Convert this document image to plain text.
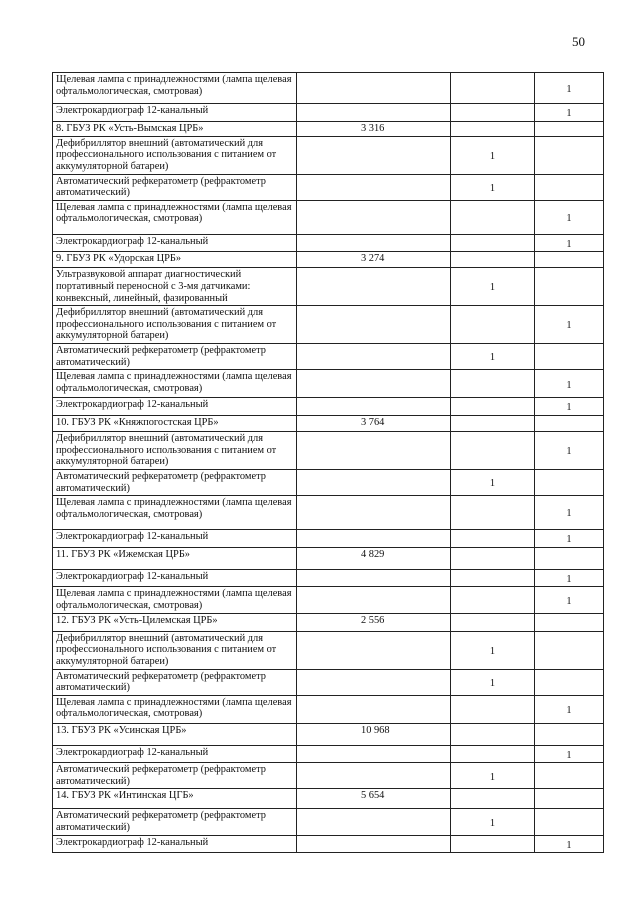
50
Щелевая лампа с принадлежностями (лампа щелевая офтальмологическая, смотровая)			1
Электрокардиограф 12-канальный			1
8. ГБУЗ РК «Усть-Вымская ЦРБ»	3 316		
Дефибриллятор внешний (автоматический для профессионального использования с питанием от аккумуляторной батареи)		1	
Автоматический рефкератометр (рефрактометр автоматический)		1	
Щелевая лампа с принадлежностями (лампа щелевая офтальмологическая, смотровая)			1
Электрокардиограф 12-канальный			1
9. ГБУЗ РК «Удорская ЦРБ»	3 274		
Ультразвуковой аппарат диагностический портативный переносной с 3-мя датчиками: конвексный, линейный, фазированный		1	
Дефибриллятор внешний (автоматический для профессионального использования с питанием от аккумуляторной батареи)			1
Автоматический рефкератометр (рефрактометр автоматический)		1	
Щелевая лампа с принадлежностями (лампа щелевая офтальмологическая, смотровая)			1
Электрокардиограф 12-канальный			1
10. ГБУЗ РК «Княжпогостская ЦРБ»	3 764		
Дефибриллятор внешний (автоматический для профессионального использования с питанием от аккумуляторной батареи)			1
Автоматический рефкератометр (рефрактометр автоматический)		1	
Щелевая лампа с принадлежностями (лампа щелевая офтальмологическая, смотровая)			1
Электрокардиограф 12-канальный			1
11. ГБУЗ РК «Ижемская ЦРБ»	4 829		
Электрокардиограф 12-канальный			1
Щелевая лампа с принадлежностями (лампа щелевая офтальмологическая, смотровая)			1
12. ГБУЗ РК «Усть-Цилемская ЦРБ»	2 556		
Дефибриллятор внешний (автоматический для профессионального использования с питанием от аккумуляторной батареи)		1	
Автоматический рефкератометр (рефрактометр автоматический)		1	
Щелевая лампа с принадлежностями (лампа щелевая офтальмологическая, смотровая)			1
13. ГБУЗ РК «Усинская ЦРБ»	10 968		
Электрокардиограф 12-канальный			1
Автоматический рефкератометр (рефрактометр автоматический)		1	
14. ГБУЗ РК «Интинская ЦГБ»	5 654		
Автоматический рефкератометр (рефрактометр автоматический)		1	
Электрокардиограф 12-канальный			1
